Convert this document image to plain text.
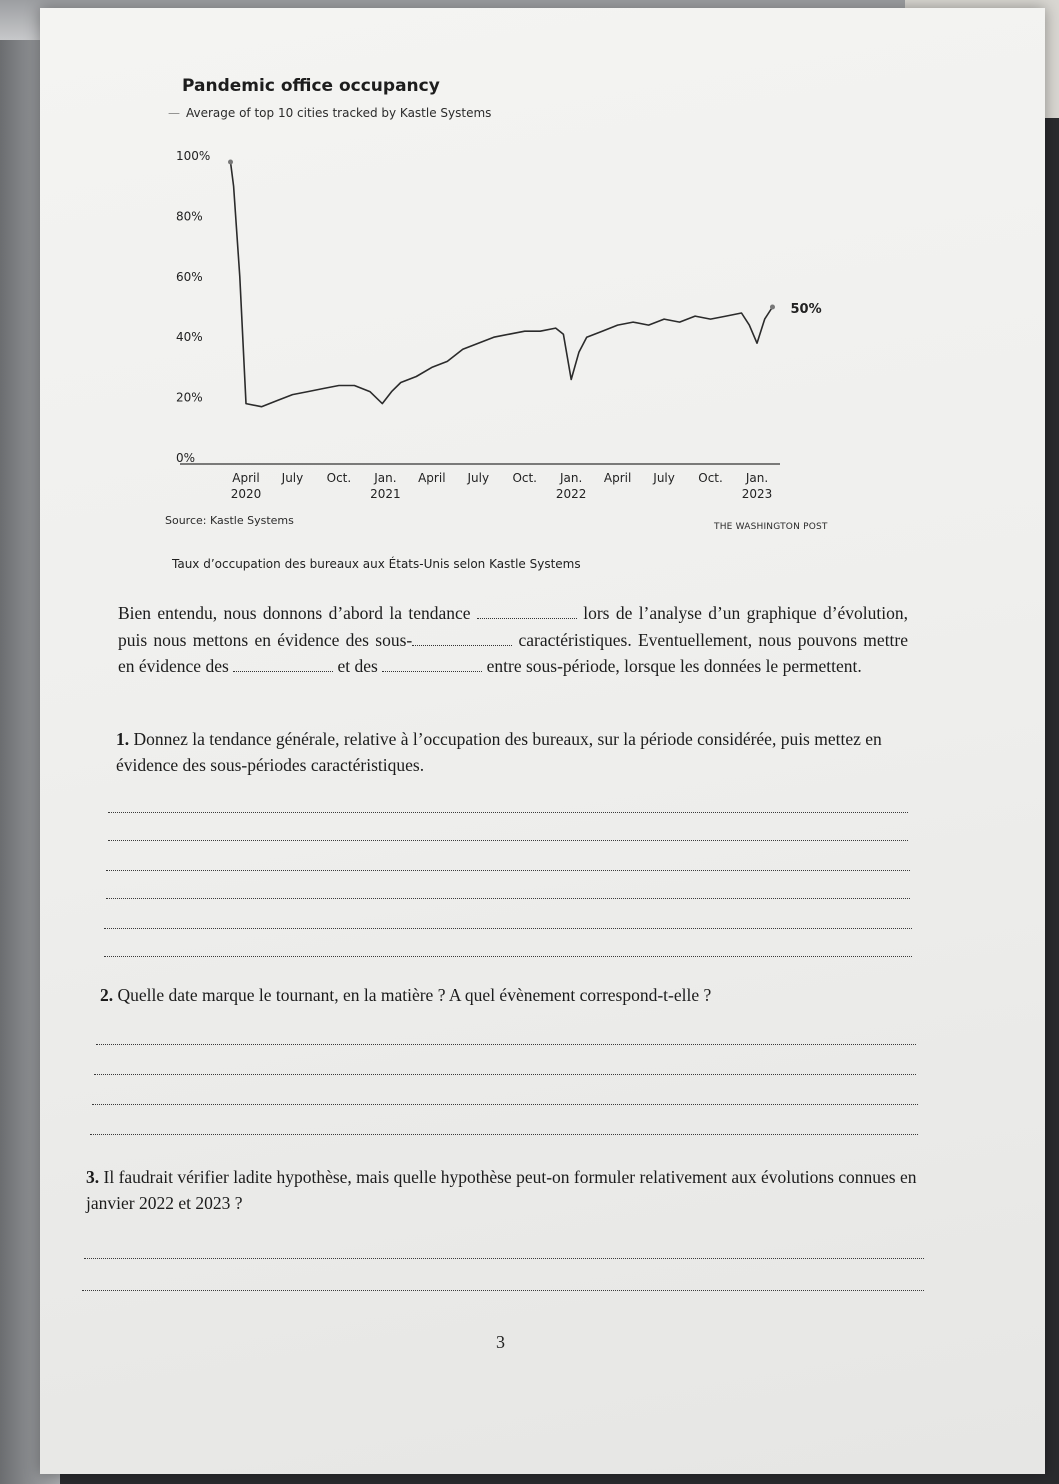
Pandemic office occupancy
— Average of top 10 cities tracked by Kastle Systems
100%
80%
60%
40%
20%
0%
April
2020
July Oct. Jan.
2021
April July Oct. Jan.
2022
April July Oct. Jan.
2023
50%
Source: Kastle Systems	THE WASHINGTON POST
Taux d’occupation des bureaux aux États-Unis selon Kastle Systems
Bien entendu, nous donnons d’abord la tendance	lors de l’analyse d’un graphique d’évolution, puis nous mettons en évidence des sous-	caractéristiques. Eventuellement, nous pouvons mettre en évidence des	et des	entre sous-période, lorsque les données le permettent.
1. Donnez la tendance générale, relative à l’occupation des bureaux, sur la période considérée, puis mettez en évidence des sous-périodes caractéristiques.
2. Quelle date marque le tournant, en la matière ? A quel évènement correspond-t-elle ?
3. Il faudrait vérifier ladite hypothèse, mais quelle hypothèse peut-on formuler relativement aux évolutions connues en janvier 2022 et 2023 ?
3
